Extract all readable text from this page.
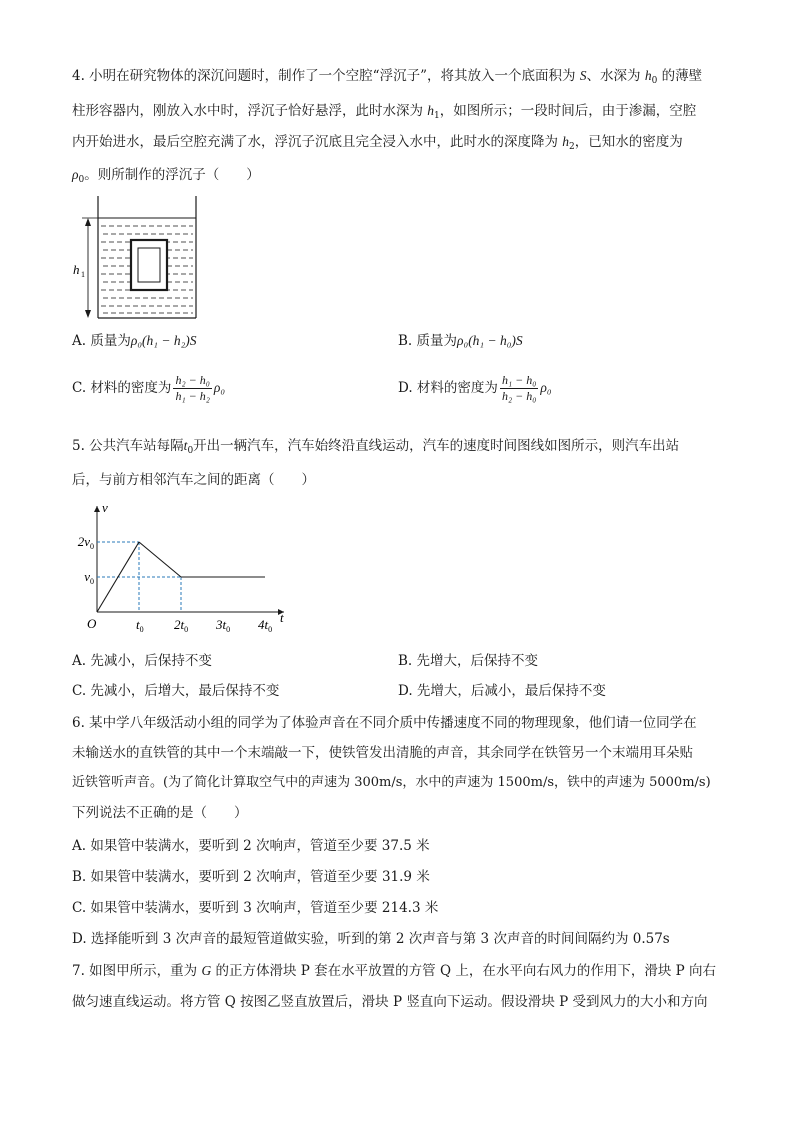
4. 小明在研究物体的深沉问题时，制作了一个空腔“浮沉子”，将其放入一个底面积为 S、水深为 $h_0$ 的薄壁
柱形容器内，刚放入水中时，浮沉子恰好悬浮，此时水深为 $h_1$，如图所示；一段时间后，由于渗漏，空腔
内开始进水，最后空腔充满了水，浮沉子沉底且完全浸入水中，此时水的深度降为 $h_2$，已知水的密度为
$\rho_0$。则所制作的浮沉子（　　）
h 1
A. 质量为ρ₀(h₁ − h₂)S	B. 质量为ρ₀(h₁ − h₀)S
C. 材料的密度为 $\frac{\text{h₂ − h₀}}{\text{h₁ − h₂}} \rho_0$	D. 材料的密度为 $\frac{\text{h₁ − h₀}}{\text{h₂ − h₀}} \rho_0$
5. 公共汽车站每隔$t_0$开出一辆汽车，汽车始终沿直线运动，汽车的速度时间图线如图所示，则汽车出站
后，与前方相邻汽车之间的距离（　　）
v
t
O
$2v_0$
$v_0$
$t_0$ $2t_0$ $3t_0$ $4t_0$
A. 先减小，后保持不变	B. 先增大，后保持不变
C. 先减小，后增大，最后保持不变	D. 先增大，后减小，最后保持不变
6. 某中学八年级活动小组的同学为了体验声音在不同介质中传播速度不同的物理现象，他们请一位同学在
未输送水的直铁管的其中一个末端敲一下，使铁管发出清脆的声音，其余同学在铁管另一个末端用耳朵贴
近铁管听声音。(为了简化计算取空气中的声速为 300m/s，水中的声速为 1500m/s，铁中的声速为 5000m/s)
下列说法不正确的是（　　）
A. 如果管中装满水，要听到 2 次响声，管道至少要 37.5 米
B. 如果管中装满水，要听到 2 次响声，管道至少要 31.9 米
C. 如果管中装满水，要听到 3 次响声，管道至少要 214.3 米
D. 选择能听到 3 次声音的最短管道做实验，听到的第 2 次声音与第 3 次声音的时间间隔约为 0.57s
7. 如图甲所示，重为 G 的正方体滑块 P 套在水平放置的方管 Q 上，在水平向右风力的作用下，滑块 P 向右
做匀速直线运动。将方管 Q 按图乙竖直放置后，滑块 P 竖直向下运动。假设滑块 P 受到风力的大小和方向
